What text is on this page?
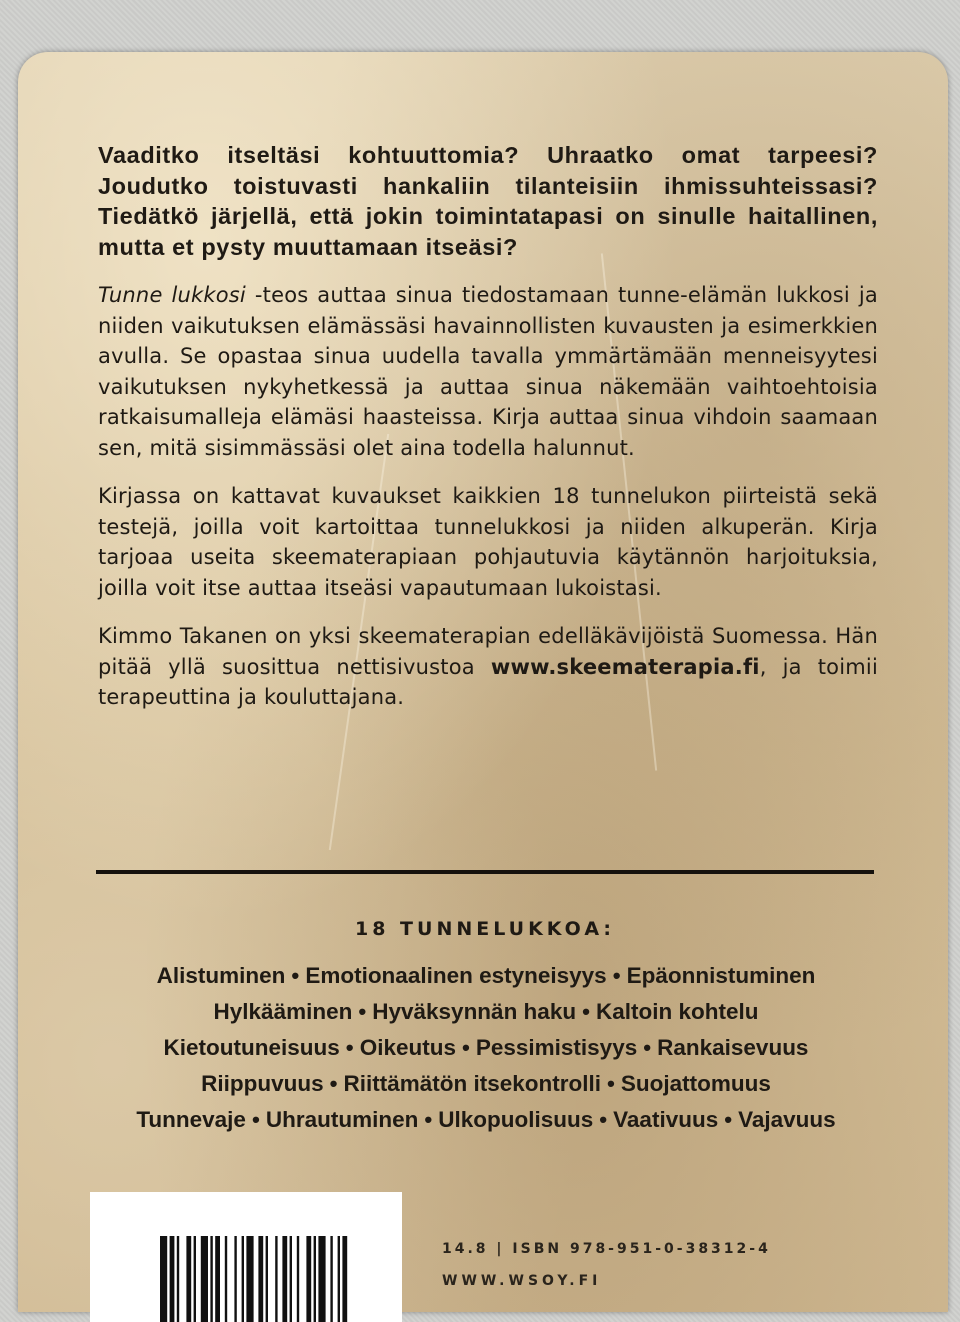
Vaaditko itseltäsi kohtuuttomia? Uhraatko omat tarpeesi? Joudutko toistuvasti hankaliin tilanteisiin ihmissuhteissasi? Tiedätkö järjellä, että jokin toimintatapasi on sinulle haitallinen, mutta et pysty muuttamaan itseäsi?

Tunne lukkosi -teos auttaa sinua tiedostamaan tunne-elämän lukkosi ja niiden vaikutuksen elämässäsi havainnollisten kuvausten ja esimerkkien avulla. Se opastaa sinua uudella tavalla ymmärtämään menneisyytesi vaikutuksen nykyhetkessä ja auttaa sinua näkemään vaihtoehtoisia ratkaisumalleja elämäsi haasteissa. Kirja auttaa sinua vihdoin saamaan sen, mitä sisimmässäsi olet aina todella halunnut.

Kirjassa on kattavat kuvaukset kaikkien 18 tunnelukon piirteistä sekä testejä, joilla voit kartoittaa tunnelukkosi ja niiden alkuperän. Kirja tarjoaa useita skeematerapiaan pohjautuvia käytännön harjoituksia, joilla voit itse auttaa itseäsi vapautumaan lukoistasi.

Kimmo Takanen on yksi skeematerapian edelläkävijöistä Suomessa. Hän pitää yllä suosittua nettisivustoa www.skeematerapia.fi, ja toimii terapeuttina ja kouluttajana.

18 TUNNELUKKOA:
Alistuminen • Emotionaalinen estyneisyys • Epäonnistuminen
Hylkääminen • Hyväksynnän haku • Kaltoin kohtelu
Kietoutuneisuus • Oikeutus • Pessimistisyys • Rankaisevuus
Riippuvuus • Riittämätön itsekontrolli • Suojattomuus
Tunnevaje • Uhrautuminen • Ulkopuolisuus • Vaativuus • Vajavuus
14.8 | ISBN 978-951-0-38312-4
WWW.WSOY.FI
